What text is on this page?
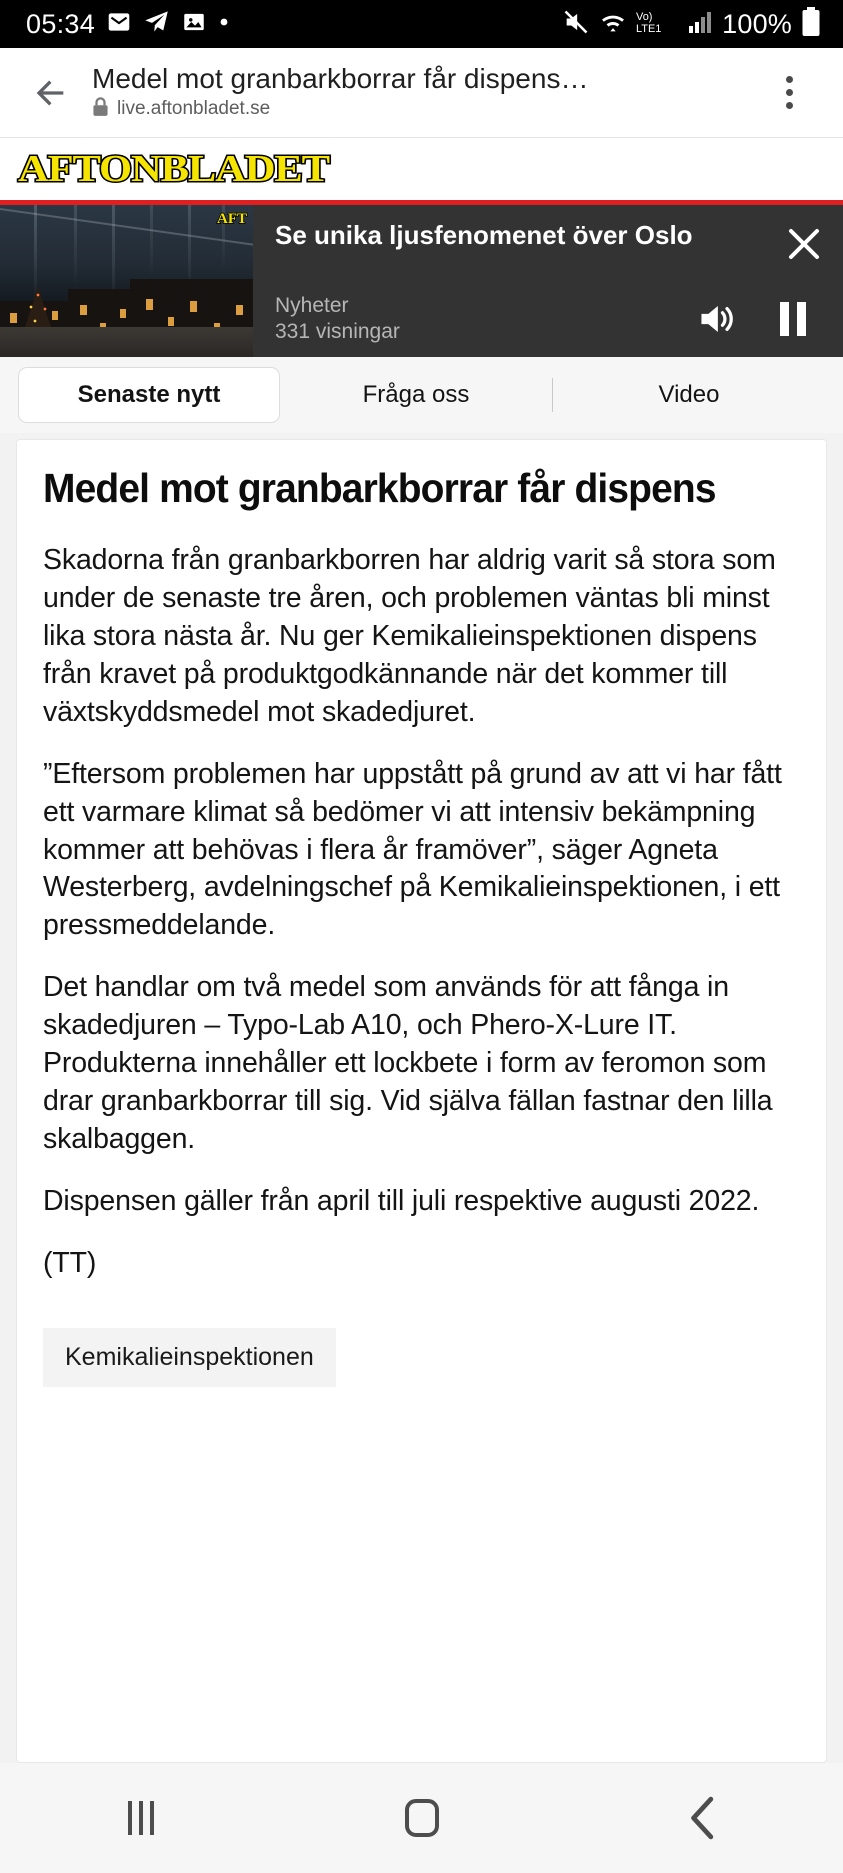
05:34	Vo)
LTE1 100%
Medel mot granbarkborrar får dispens…
live.aftonbladet.se
AFTONBLADET
AFT
Se unika ljusfenomenet över Oslo
Nyheter
331 visningar
Senaste nytt	Fråga oss	Video
Medel mot granbarkborrar får dispens
Skadorna från granbarkborren har aldrig varit så stora som under de senaste tre åren, och problemen väntas bli minst lika stora nästa år. Nu ger Kemikalieinspektionen dispens från kravet på produktgodkännande när det kommer till växtskyddsmedel mot skadedjuret.
”Eftersom problemen har uppstått på grund av att vi har fått ett varmare klimat så bedömer vi att intensiv bekämpning kommer att behövas i flera år framöver”, säger Agneta Westerberg, avdelningschef på Kemikalieinspektionen, i ett pressmeddelande.
Det handlar om två medel som används för att fånga in skadedjuren – Typo-Lab A10, och Phero-X-Lure IT. Produkterna innehåller ett lockbete i form av feromon som drar granbarkborrar till sig. Vid själva fällan fastnar den lilla skalbaggen.
Dispensen gäller från april till juli respektive augusti 2022.
(TT)
Kemikalieinspektionen
